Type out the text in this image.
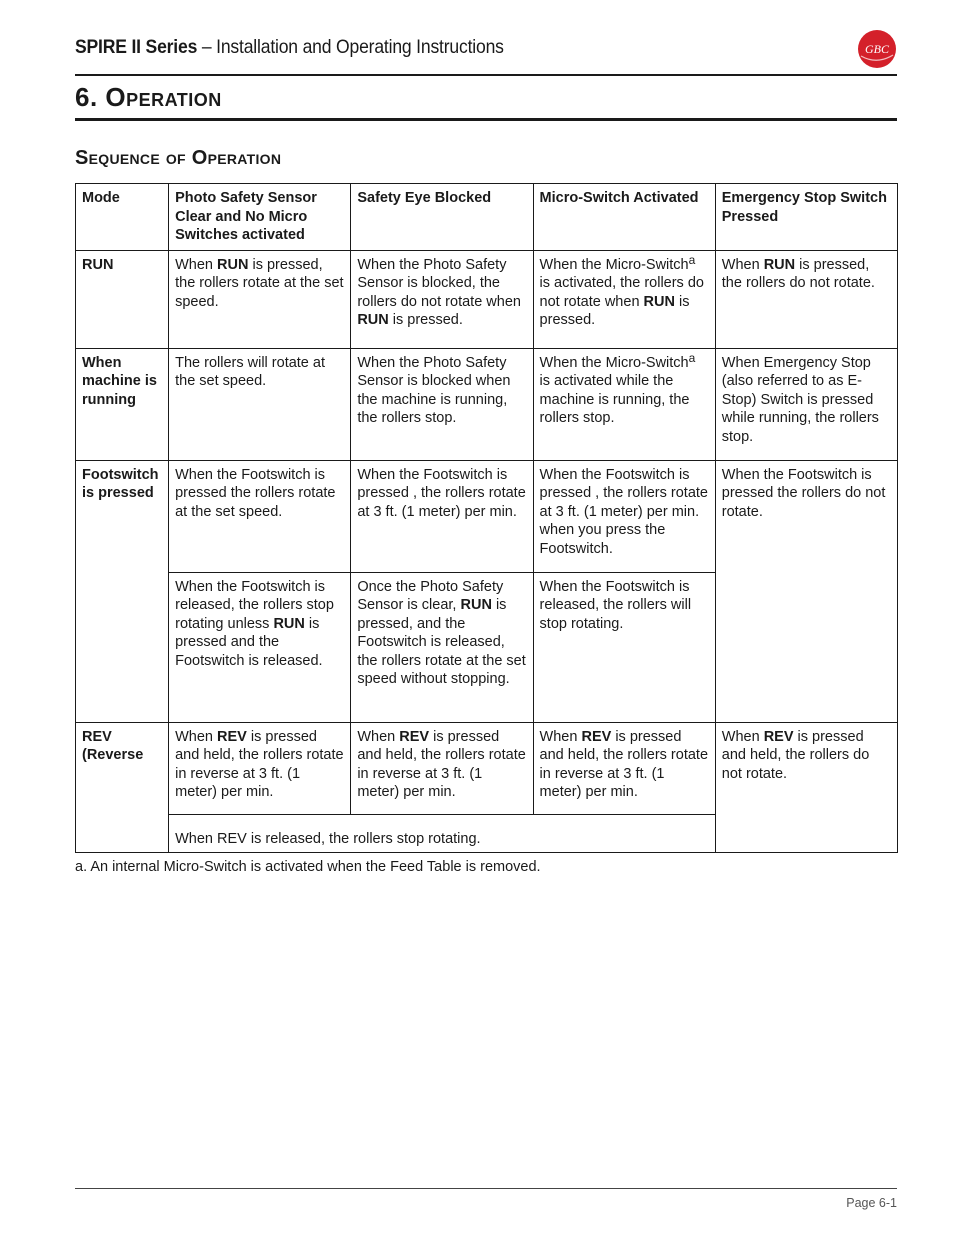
SPIRE II Series – Installation and Operating Instructions	GBC
6. Operation
Sequence of Operation
Mode	Photo Safety Sensor Clear and No Micro Switches activated	Safety Eye Blocked	Micro-Switch Activated	Emergency Stop Switch Pressed
RUN	When RUN is pressed, the rollers rotate at the set speed.	When the Photo Safety Sensor is blocked, the rollers do not rotate when RUN is pressed.	When the Micro-Switch$^a$ is activated, the rollers do not rotate when RUN is pressed.	When RUN is pressed, the rollers do not rotate.
When machine is running	The rollers will rotate at the set speed.	When the Photo Safety Sensor is blocked when the machine is running, the rollers stop.	When the Micro-Switch$^a$ is activated while the machine is running, the rollers stop.	When Emergency Stop (also referred to as E-Stop) Switch is pressed while running, the rollers stop.
Footswitch is pressed	When the Footswitch is pressed the rollers rotate at the set speed.	When the Footswitch is pressed , the rollers rotate at 3 ft. (1 meter) per min.	When the Footswitch is pressed , the rollers rotate at 3 ft. (1 meter) per min. when you press the Footswitch.	When the Footswitch is pressed the rollers do not rotate.
	When the Footswitch is released, the rollers stop rotating unless RUN is pressed and the Footswitch is released.	Once the Photo Safety Sensor is clear, RUN is pressed, and the Footswitch is released, the rollers rotate at the set speed without stopping.	When the Footswitch is released, the rollers will stop rotating.	
REV (Reverse	When REV is pressed and held, the rollers rotate in reverse at 3 ft. (1 meter) per min.	When REV is pressed and held, the rollers rotate in reverse at 3 ft. (1 meter) per min.	When REV is pressed and held, the rollers rotate in reverse at 3 ft. (1 meter) per min.	When REV is pressed and held, the rollers do not rotate.
	When REV is released, the rollers stop rotating.			
a. An internal Micro-Switch is activated when the Feed Table is removed.
Page 6-1
